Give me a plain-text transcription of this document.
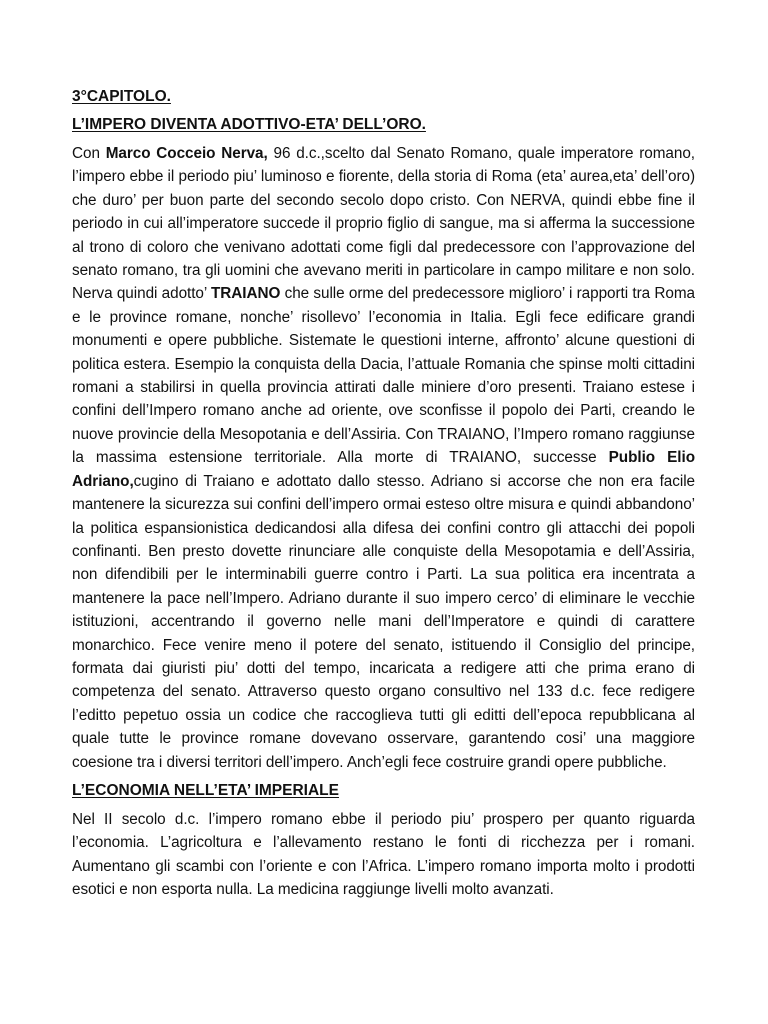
3°CAPITOLO.

L’IMPERO DIVENTA ADOTTIVO-ETA’ DELL’ORO.

Con Marco Cocceio Nerva, 96 d.c.,scelto dal Senato Romano, quale imperatore romano, l’impero ebbe il periodo piu’ luminoso e fiorente, della storia di Roma (eta’ aurea,eta’ dell’oro) che duro’ per buon parte del secondo secolo dopo cristo. Con NERVA, quindi ebbe fine il periodo in cui all’imperatore succede il proprio figlio di sangue, ma si afferma la successione al trono di coloro che venivano adottati come figli dal predecessore con l’approvazione del senato romano, tra gli uomini che avevano meriti in particolare in campo militare e non solo. Nerva quindi adotto’ TRAIANO che sulle orme del predecessore miglioro’ i rapporti tra Roma e le province romane, nonche’ risollevo’ l’economia in Italia. Egli fece edificare grandi monumenti e opere pubbliche. Sistemate le questioni interne, affronto’ alcune questioni di politica estera. Esempio la conquista della Dacia, l’attuale Romania che spinse molti cittadini romani a stabilirsi in quella provincia attirati dalle miniere d’oro presenti. Traiano estese i confini dell’Impero romano anche ad oriente, ove sconfisse il popolo dei Parti, creando le nuove provincie della Mesopotania e dell’Assiria. Con TRAIANO, l’Impero romano raggiunse la massima estensione territoriale. Alla morte di TRAIANO, successe Publio Elio Adriano,cugino di Traiano e adottato dallo stesso. Adriano si accorse che non era facile mantenere la sicurezza sui confini dell’impero ormai esteso oltre misura e quindi abbandono’ la politica espansionistica dedicandosi alla difesa dei confini contro gli attacchi dei popoli confinanti. Ben presto dovette rinunciare alle conquiste della Mesopotamia e dell’Assiria, non difendibili per le interminabili guerre contro i Parti. La sua politica era incentrata a mantenere la pace nell’Impero. Adriano durante il suo impero cerco’ di eliminare le vecchie istituzioni, accentrando il governo nelle mani dell’Imperatore e quindi di carattere monarchico. Fece venire meno il potere del senato, istituendo il Consiglio del principe, formata dai giuristi piu’ dotti del tempo, incaricata a redigere atti che prima erano di competenza del senato. Attraverso questo organo consultivo nel 133 d.c. fece redigere l’editto pepetuo ossia un codice che raccoglieva tutti gli editti dell’epoca repubblicana al quale tutte le province romane dovevano osservare, garantendo cosi’ una maggiore coesione tra i diversi territori dell’impero. Anch’egli fece costruire grandi opere pubbliche.

L’ECONOMIA NELL’ETA’ IMPERIALE

Nel II secolo d.c. l’impero romano ebbe il periodo piu’ prospero per quanto riguarda l’economia. L’agricoltura e l’allevamento restano le fonti di ricchezza per i romani. Aumentano gli scambi con l’oriente e con l’Africa. L’impero romano importa molto i prodotti esotici e non esporta nulla. La medicina raggiunge livelli molto avanzati.
